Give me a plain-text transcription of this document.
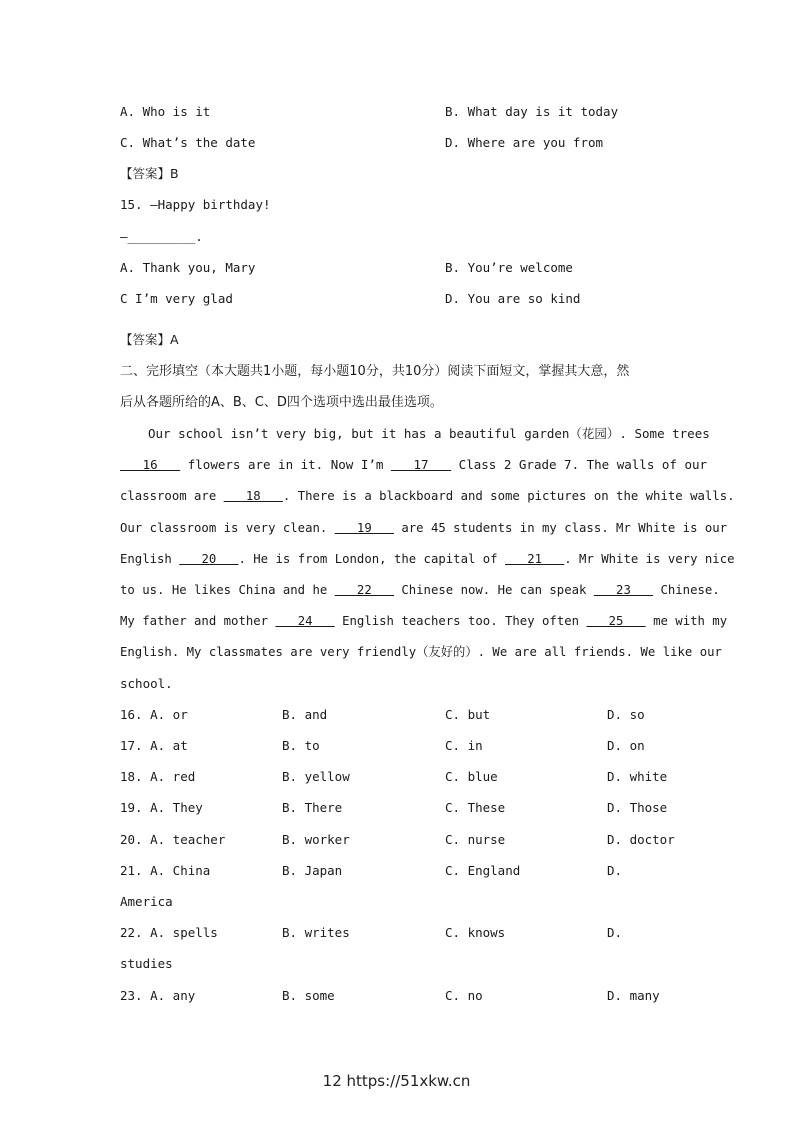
A. Who is it	B. What day is it today
C. What’s the date	D. Where are you from
【答案】B
15. —Happy birthday!
—_________.
A. Thank you, Mary	B. You’re welcome
C I’m very glad	D. You are so kind
【答案】A
二、完形填空（本大题共1小题，每小题10分，共10分）阅读下面短文，掌握其大意，然
后从各题所给的A、B、C、D四个选项中选出最佳选项。
Our school isn’t very big, but it has a beautiful garden（花园）. Some trees
16    flowers are in it. Now I’m    17    Class 2 Grade 7. The walls of our
classroom are    18   . There is a blackboard and some pictures on the white walls.
Our classroom is very clean.    19    are 45 students in my class. Mr White is our
English    20   . He is from London, the capital of    21   . Mr White is very nice
to us. He likes China and he    22    Chinese now. He can speak    23    Chinese.
My father and mother    24    English teachers too. They often    25    me with my
English. My classmates are very friendly（友好的）. We are all friends. We like our
school.
16. A. or	B. and	C. but	D. so
17. A. at	B. to	C. in	D. on
18. A. red	B. yellow	C. blue	D. white
19. A. They	B. There	C. These	D. Those
20. A. teacher	B. worker	C. nurse	D. doctor
21. A. China	B. Japan	C. England	D.
America
22. A. spells	B. writes	C. knows	D.
studies
23. A. any	B. some	C. no	D. many
12 https://51xkw.cn
